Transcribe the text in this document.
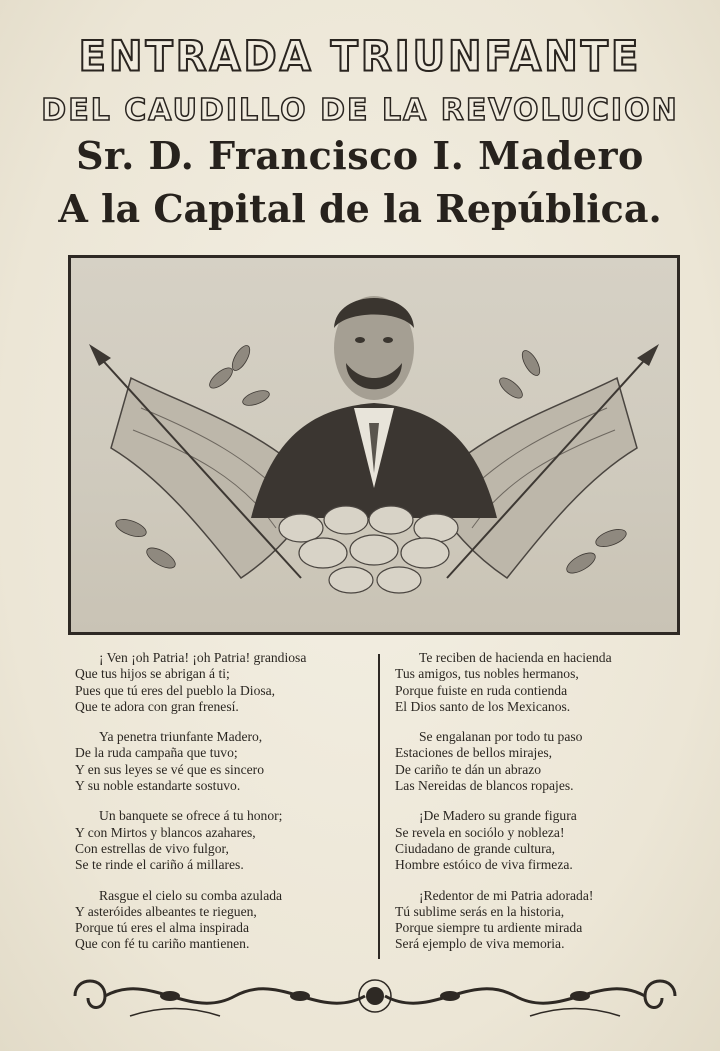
ENTRADA TRIUNFANTE
DEL CAUDILLO DE LA REVOLUCION
Sr. D. Francisco I. Madero
A la Capital de la República.
¡ Ven ¡oh Patria! ¡oh Patria! grandiosa
Que tus hijos se abrigan á ti;
Pues que tú eres del pueblo la Diosa,
Que te adora con gran frenesí.
Ya penetra triunfante Madero,
De la ruda campaña que tuvo;
Y en sus leyes se vé que es sincero
Y su noble estandarte sostuvo.
Un banquete se ofrece á tu honor;
Y con Mirtos y blancos azahares,
Con estrellas de vivo fulgor,
Se te rinde el cariño á millares.
Rasgue el cielo su comba azulada
Y asteróides albeantes te rieguen,
Porque tú eres el alma inspirada
Que con fé tu cariño mantienen.
Te reciben de hacienda en hacienda
Tus amigos, tus nobles hermanos,
Porque fuiste en ruda contienda
El Dios santo de los Mexicanos.
Se engalanan por todo tu paso
Estaciones de bellos mirajes,
De cariño te dán un abrazo
Las Nereidas de blancos ropajes.
¡De Madero su grande figura
Se revela en sociólo y nobleza!
Ciudadano de grande cultura,
Hombre estóico de viva firmeza.
¡Redentor de mi Patria adorada!
Tú sublime serás en la historia,
Porque siempre tu ardiente mirada
Será ejemplo de viva memoria.
